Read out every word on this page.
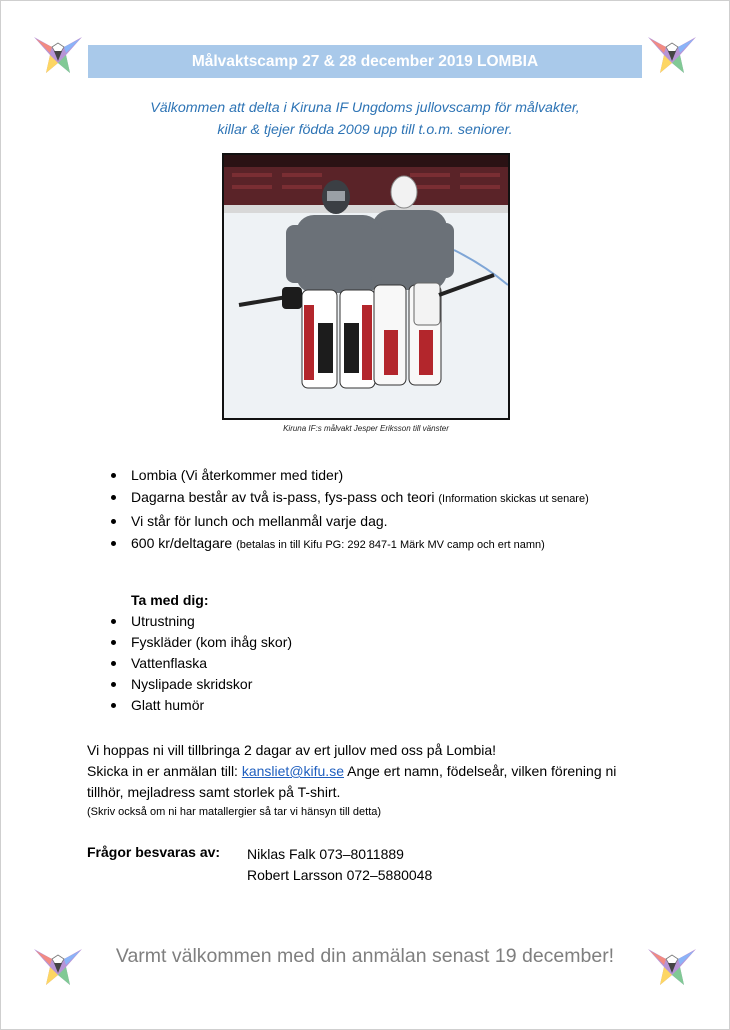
Målvaktscamp 27 & 28 december 2019 LOMBIA
Välkommen att delta i Kiruna IF Ungdoms jullovscamp för målvakter,
killar & tjejer födda 2009 upp till t.o.m. seniorer.
Kiruna IF:s målvakt Jesper Eriksson till vänster
Lombia (Vi återkommer med tider)
Dagarna består av två is-pass, fys-pass och teori (Information skickas ut senare)
Vi står för lunch och mellanmål varje dag.
600 kr/deltagare (betalas in till Kifu PG: 292 847-1 Märk MV camp och ert namn)
Ta med dig:
Utrustning
Fyskläder (kom ihåg skor)
Vattenflaska
Nyslipade skridskor
Glatt humör
Vi hoppas ni vill tillbringa 2 dagar av ert jullov med oss på Lombia!
Skicka in er anmälan till: kansliet@kifu.se Ange ert namn, födelseår, vilken förening ni tillhör, mejladress samt storlek på T-shirt.
(Skriv också om ni har matallergier så tar vi hänsyn till detta)
Frågor besvaras av: Niklas Falk 073–8011889
Robert Larsson 072–5880048
Varmt välkommen med din anmälan senast 19 december!
